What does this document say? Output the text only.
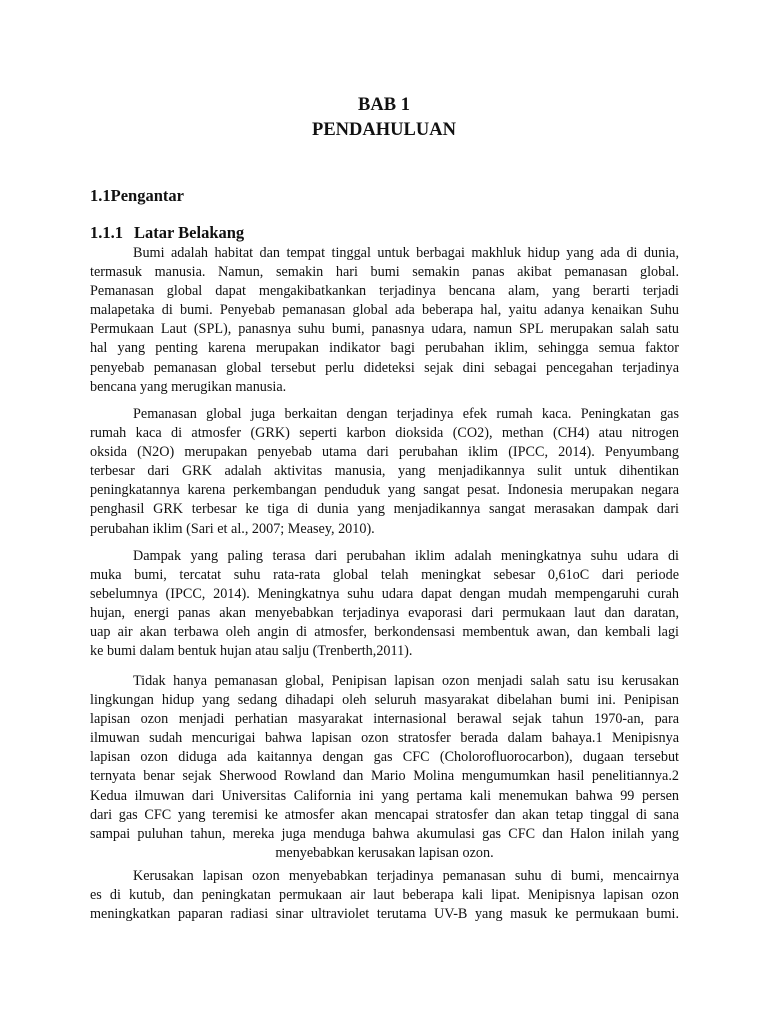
BAB 1
PENDAHULUAN
1.1Pengantar
1.1.1 Latar Belakang
Bumi adalah habitat dan tempat tinggal untuk berbagai makhluk hidup yang ada di dunia,
termasuk manusia. Namun, semakin hari bumi semakin panas akibat pemanasan global.
Pemanasan global dapat mengakibatkankan terjadinya bencana alam, yang berarti terjadi
malapetaka di bumi. Penyebab pemanasan global ada beberapa hal, yaitu adanya kenaikan Suhu
Permukaan Laut (SPL), panasnya suhu bumi, panasnya udara, namun SPL merupakan salah satu
hal yang penting karena merupakan indikator bagi perubahan iklim, sehingga semua faktor
penyebab pemanasan global tersebut perlu dideteksi sejak dini sebagai pencegahan terjadinya
bencana yang merugikan manusia.
Pemanasan global juga berkaitan dengan terjadinya efek rumah kaca. Peningkatan gas
rumah kaca di atmosfer (GRK) seperti karbon dioksida (CO2), methan (CH4) atau nitrogen
oksida (N2O) merupakan penyebab utama dari perubahan iklim (IPCC, 2014). Penyumbang
terbesar dari GRK adalah aktivitas manusia, yang menjadikannya sulit untuk dihentikan
peningkatannya karena perkembangan penduduk yang sangat pesat. Indonesia merupakan negara
penghasil GRK terbesar ke tiga di dunia yang menjadikannya sangat merasakan dampak dari
perubahan iklim (Sari et al., 2007; Measey, 2010).
Dampak yang paling terasa dari perubahan iklim adalah meningkatnya suhu udara di
muka bumi, tercatat suhu rata-rata global telah meningkat sebesar 0,61oC dari periode
sebelumnya (IPCC, 2014). Meningkatnya suhu udara dapat dengan mudah mempengaruhi curah
hujan, energi panas akan menyebabkan terjadinya evaporasi dari permukaan laut dan daratan,
uap air akan terbawa oleh angin di atmosfer, berkondensasi membentuk awan, dan kembali lagi
ke bumi dalam bentuk hujan atau salju (Trenberth,2011).
Tidak hanya pemanasan global, Penipisan lapisan ozon menjadi salah satu isu kerusakan
lingkungan hidup yang sedang dihadapi oleh seluruh masyarakat dibelahan bumi ini. Penipisan
lapisan ozon menjadi perhatian masyarakat internasional berawal sejak tahun 1970-an, para
ilmuwan sudah mencurigai bahwa lapisan ozon stratosfer berada dalam bahaya.1 Menipisnya
lapisan ozon diduga ada kaitannya dengan gas CFC (Cholorofluorocarbon), dugaan tersebut
ternyata benar sejak Sherwood Rowland dan Mario Molina mengumumkan hasil penelitiannya.2
Kedua ilmuwan dari Universitas California ini yang pertama kali menemukan bahwa 99 persen
dari gas CFC yang teremisi ke atmosfer akan mencapai stratosfer dan akan tetap tinggal di sana
sampai puluhan tahun, mereka juga menduga bahwa akumulasi gas CFC dan Halon inilah yang
menyebabkan kerusakan lapisan ozon.
Kerusakan lapisan ozon menyebabkan terjadinya pemanasan suhu di bumi, mencairnya
es di kutub, dan peningkatan permukaan air laut beberapa kali lipat. Menipisnya lapisan ozon
meningkatkan paparan radiasi sinar ultraviolet terutama UV-B yang masuk ke permukaan bumi.
